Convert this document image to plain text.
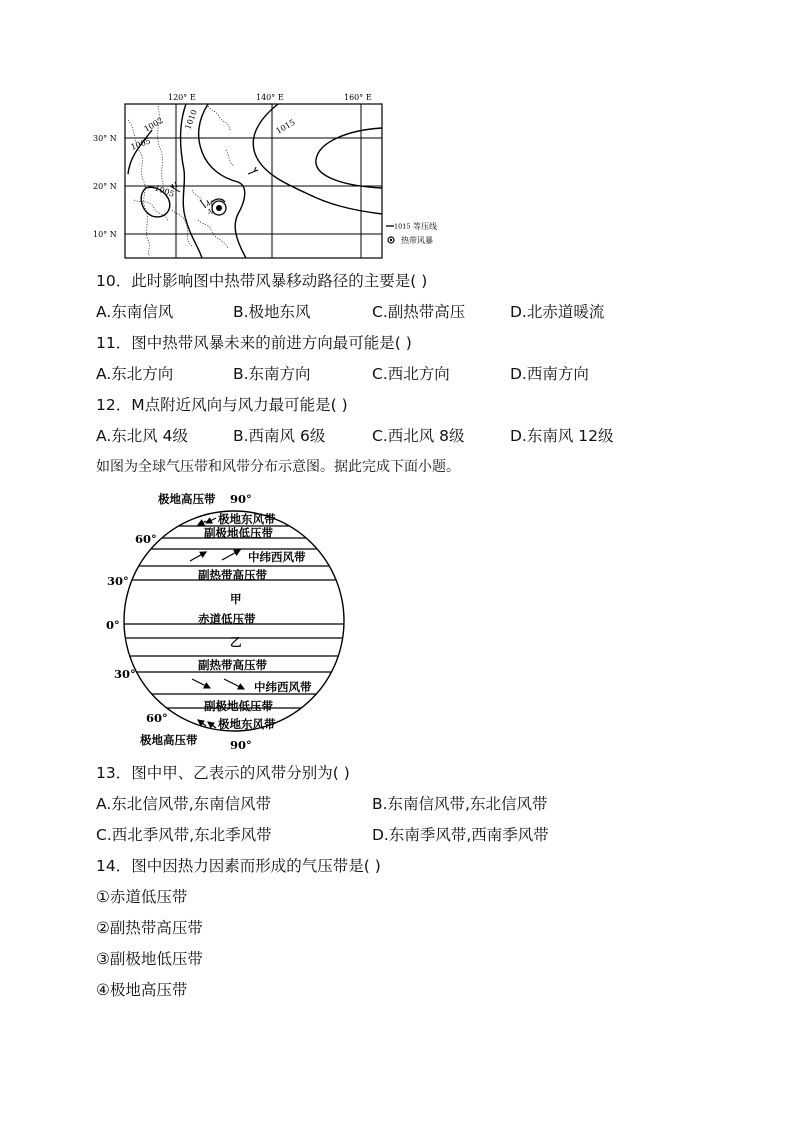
1002 1010
1005
1015
1005
M
N
120° E	140° E	160° E
30° N
20° N
10° N
1015 等压线
热带风暴
10．此时影响图中热带风暴移动路径的主要是( )
A.东南信风	B.极地东风	C.副热带高压	D.北赤道暖流
11．图中热带风暴未来的前进方向最可能是( )
A.东北方向	B.东南方向	C.西北方向	D.西南方向
12．M点附近风向与风力最可能是( )
A.东北风 4级	B.西南风 6级	C.西北风 8级	D.东南风 12级
如图为全球气压带和风带分布示意图。据此完成下面小题。
极地高压带 90°
极地东风带
60°	副极地低压带
中纬西风带
30°	副热带高压带
甲
0°	赤道低压带
乙
副热带高压带
30°
中纬西风带
副极地低压带
60°	极地东风带
极地高压带	90°
13．图中甲、乙表示的风带分别为( )
A.东北信风带,东南信风带	B.东南信风带,东北信风带
C.西北季风带,东北季风带	D.东南季风带,西南季风带
14．图中因热力因素而形成的气压带是( )
①赤道低压带
②副热带高压带
③副极地低压带
④极地高压带
